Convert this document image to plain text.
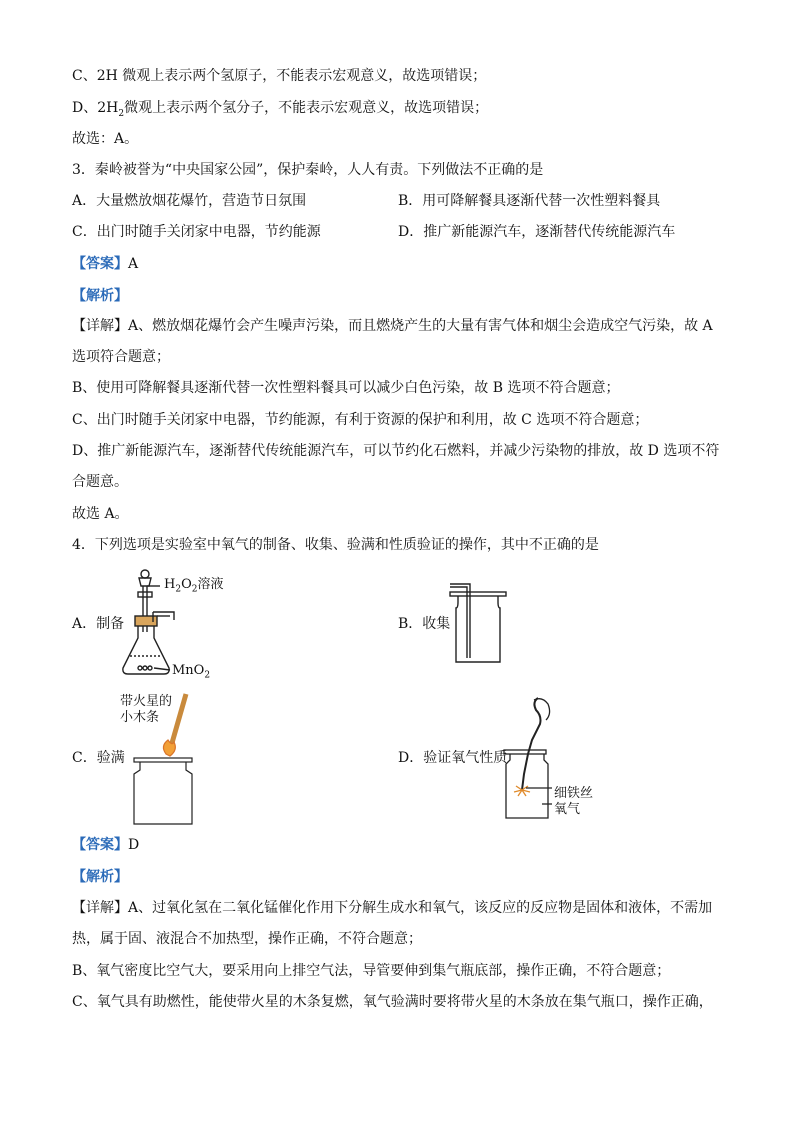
C、2H 微观上表示两个氢原子，不能表示宏观意义，故选项错误；
D、$2H_2$微观上表示两个氢分子，不能表示宏观意义，故选项错误；
故选：A。
3．秦岭被誉为“中央国家公园”，保护秦岭，人人有责。下列做法不正确的是
A．大量燃放烟花爆竹，营造节日氛围	B．用可降解餐具逐渐代替一次性塑料餐具
C．出门时随手关闭家中电器，节约能源	D．推广新能源汽车，逐渐替代传统能源汽车
【答案】A
【解析】
【详解】A、燃放烟花爆竹会产生噪声污染，而且燃烧产生的大量有害气体和烟尘会造成空气污染，故 A
选项符合题意；
B、使用可降解餐具逐渐代替一次性塑料餐具可以减少白色污染，故 B 选项不符合题意；
C、出门时随手关闭家中电器，节约能源，有利于资源的保护和利用，故 C 选项不符合题意；
D、推广新能源汽车，逐渐替代传统能源汽车，可以节约化石燃料，并减少污染物的排放，故 D 选项不符
合题意。
故选 A。
4．下列选项是实验室中氧气的制备、收集、验满和性质验证的操作，其中不正确的是
A．制备
$H_2O_2$溶液
MnO$_2$
B．收集
带火星的
小木条
C．验满	D．验证氧气性质
细铁丝
氧气
【答案】D
【解析】
【详解】A、过氧化氢在二氧化锰催化作用下分解生成水和氧气，该反应的反应物是固体和液体，不需加
热，属于固、液混合不加热型，操作正确，不符合题意；
B、氧气密度比空气大，要采用向上排空气法，导管要伸到集气瓶底部，操作正确，不符合题意；
C、氧气具有助燃性，能使带火星的木条复燃，氧气验满时要将带火星的木条放在集气瓶口，操作正确，
